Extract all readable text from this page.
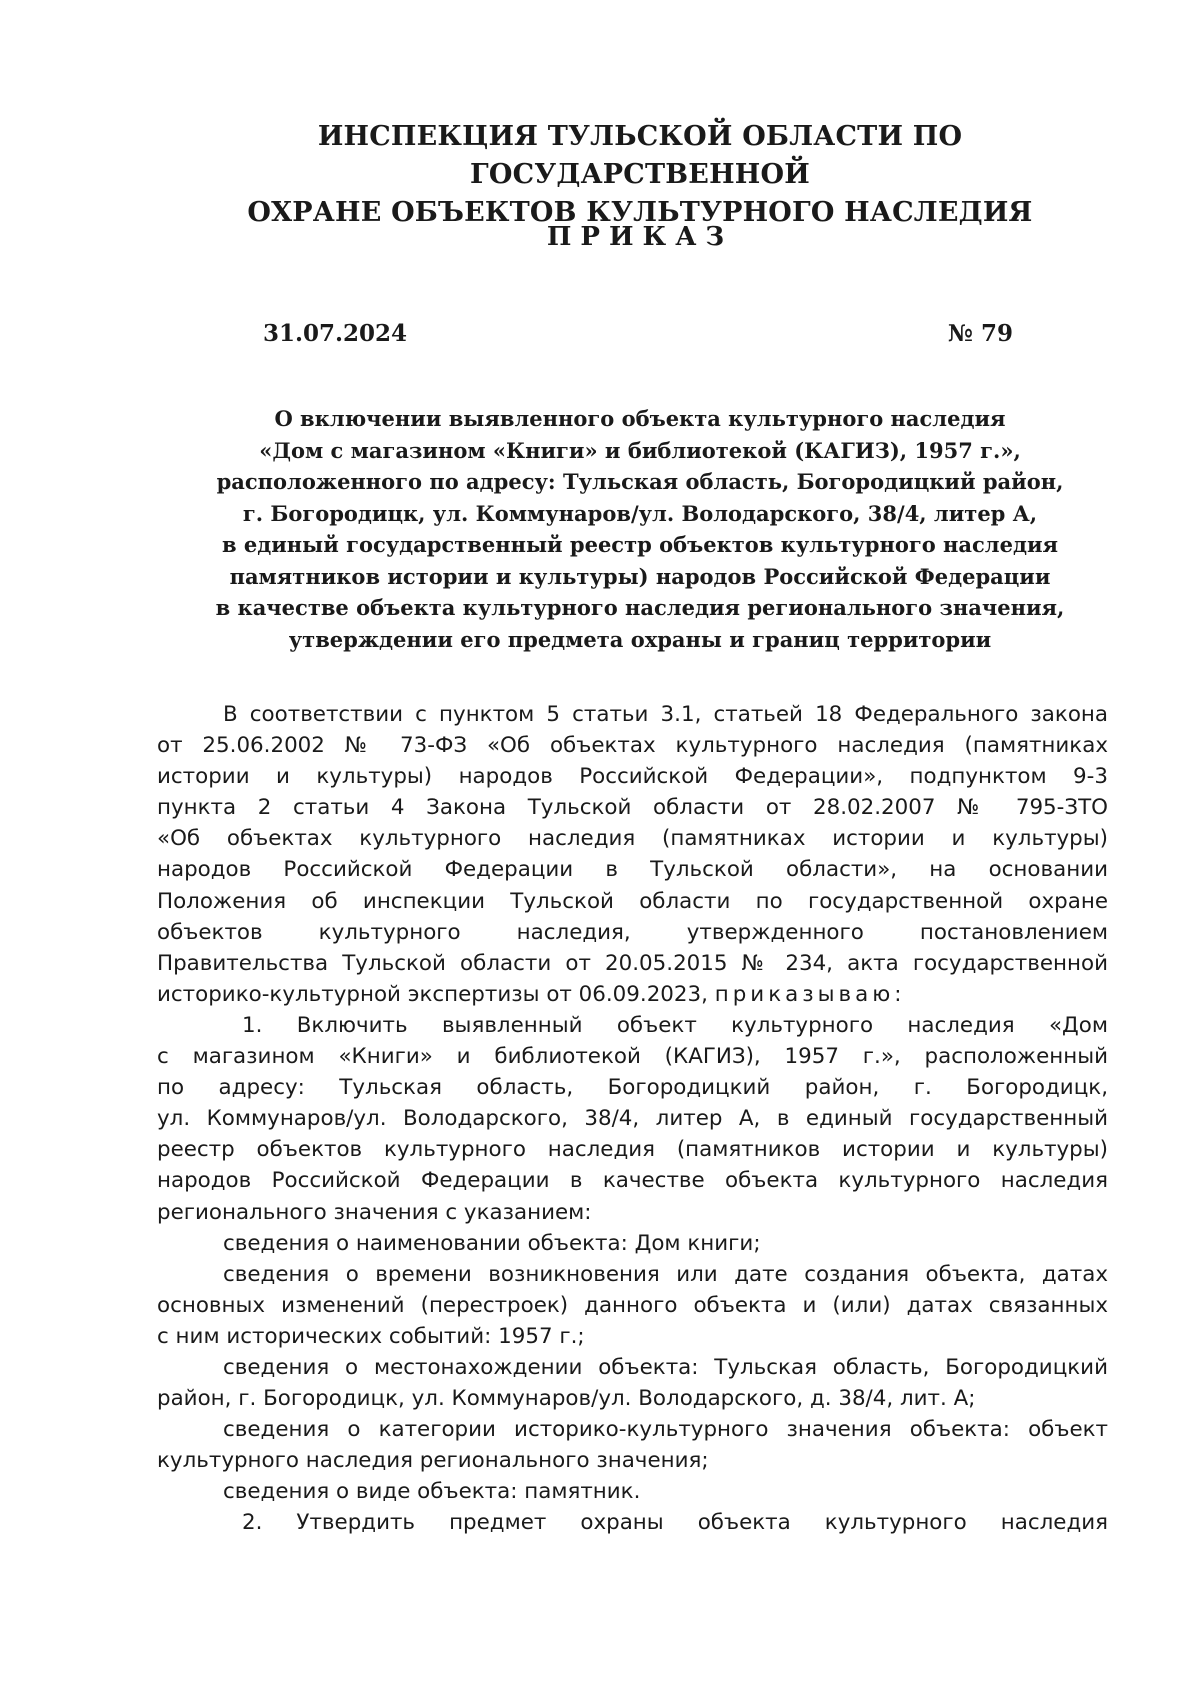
ИНСПЕКЦИЯ ТУЛЬСКОЙ ОБЛАСТИ ПО ГОСУДАРСТВЕННОЙ
ОХРАНЕ ОБЪЕКТОВ КУЛЬТУРНОГО НАСЛЕДИЯ
ПРИКАЗ
31.07.2024	№ 79
О включении выявленного объекта культурного наследия
«Дом с магазином «Книги» и библиотекой (КАГИЗ), 1957 г.»,
расположенного по адресу: Тульская область, Богородицкий район,
г. Богородицк, ул. Коммунаров/ул. Володарского, 38/4, литер А,
в единый государственный реестр объектов культурного наследия
памятников истории и культуры) народов Российской Федерации
в качестве объекта культурного наследия регионального значения,
утверждении его предмета охраны и границ территории
В соответствии с пунктом 5 статьи 3.1, статьей 18 Федерального закона
от 25.06.2002 № 73-ФЗ «Об объектах культурного наследия (памятниках
истории и культуры) народов Российской Федерации», подпунктом 9-3
пункта 2 статьи 4 Закона Тульской области от 28.02.2007 № 795-ЗТО
«Об объектах культурного наследия (памятниках истории и культуры)
народов Российской Федерации в Тульской области», на основании
Положения об инспекции Тульской области по государственной охране
объектов культурного наследия, утвержденного постановлением
Правительства Тульской области от 20.05.2015 № 234, акта государственной
историко-культурной экспертизы от 06.09.2023, приказываю:
1. Включить выявленный объект культурного наследия «Дом
с магазином «Книги» и библиотекой (КАГИЗ), 1957 г.», расположенный
по адресу: Тульская область, Богородицкий район, г. Богородицк,
ул. Коммунаров/ул. Володарского, 38/4, литер А, в единый государственный
реестр объектов культурного наследия (памятников истории и культуры)
народов Российской Федерации в качестве объекта культурного наследия
регионального значения с указанием:
сведения о наименовании объекта: Дом книги;
сведения о времени возникновения или дате создания объекта, датах
основных изменений (перестроек) данного объекта и (или) датах связанных
с ним исторических событий: 1957 г.;
сведения о местонахождении объекта: Тульская область, Богородицкий
район, г. Богородицк, ул. Коммунаров/ул. Володарского, д. 38/4, лит. А;
сведения о категории историко-культурного значения объекта: объект
культурного наследия регионального значения;
сведения о виде объекта: памятник.
2. Утвердить предмет охраны объекта культурного наследия
